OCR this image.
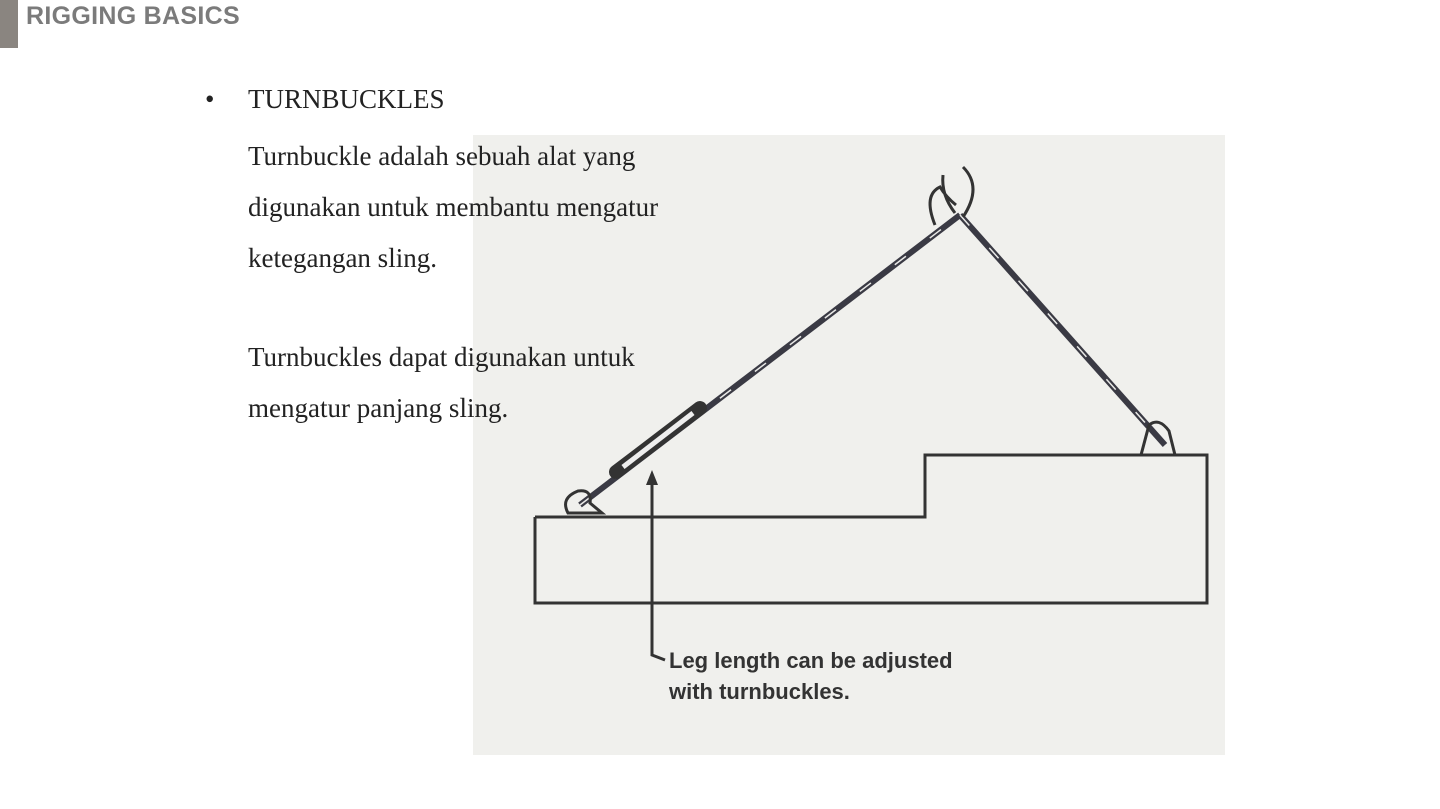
RIGGING BASICS
Leg length can be adjusted
with turnbuckles.
• TURNBUCKLES
Turnbuckle adalah sebuah alat yang
digunakan untuk membantu mengatur
ketegangan sling.
Turnbuckles dapat digunakan untuk
mengatur panjang sling.
